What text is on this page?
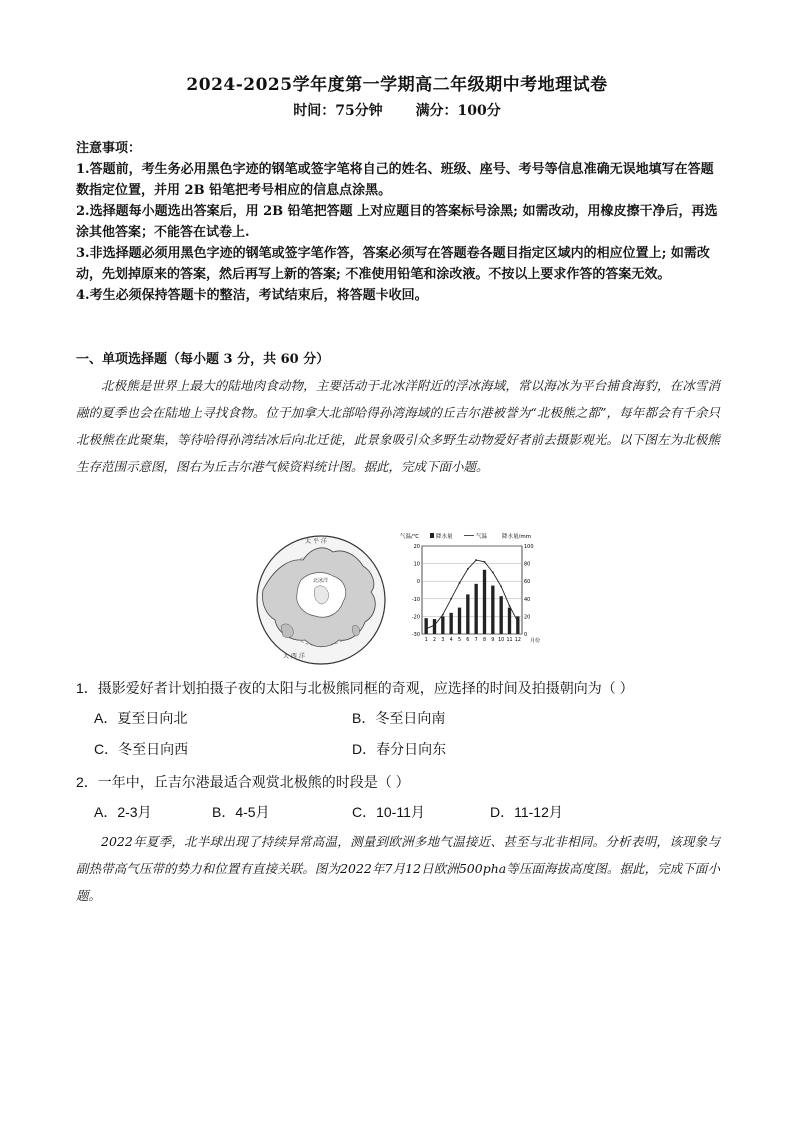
2024-2025学年度第一学期高二年级期中考地理试卷
时间：75分钟 满分：100分

注意事项：

1.答题前，考生务必用黑色字迹的钢笔或签字笔将自己的姓名、班级、座号、考号等信息准确无误地填写在答题数指定位置，并用 2B 铅笔把考号相应的信息点涂黑。

2.选择题每小题选出答案后，用 2B 铅笔把答题 上对应题目的答案标号涂黑; 如需改动，用橡皮擦干净后，再选涂其他答案；不能答在试卷上.

3.非选择题必须用黑色字迹的钢笔或签字笔作答，答案必须写在答题卷各题目指定区域内的相应位置上; 如需改动，先划掉原来的答案，然后再写上新的答案; 不准使用铅笔和涂改液。不按以上要求作答的答案无效。

4.考生必须保持答题卡的整洁，考试结束后，将答题卡收回。

一、单项选择题（每小题 3 分，共 60 分）

北极熊是世界上最大的陆地肉食动物，主要活动于北冰洋附近的浮冰海域，常以海冰为平台捕食海豹，在冰雪消融的夏季也会在陆地上寻找食物。位于加拿大北部哈得孙湾海域的丘吉尔港被誉为“北极熊之都”，每年都会有千余只北极熊在此聚集，等待哈得孙湾结冰后向北迁徙，此景象吸引众多野生动物爱好者前去摄影观光。以下图左为北极熊生存范围示意图，图右为丘吉尔港气候资料统计图。据此，完成下面小题。

太 平 洋
北冰洋
大 西 洋
气温/℃	降水量	气温	降水量/mm
20	100
10	80
0	60
-10	40
-20	20
-30	0
1 2 3 4 5 6 7 8 9 10 11 12 月份
1．摄影爱好者计划拍摄子夜的太阳与北极熊同框的奇观，应选择的时间及拍摄朝向为（ ）
A．夏至日向北	B．冬至日向南
C．冬至日向西	D．春分日向东
2．一年中，丘吉尔港最适合观赏北极熊的时段是（ ）
A．2-3月	B．4-5月	C．10-11月	D．11-12月

2022年夏季，北半球出现了持续异常高温，测量到欧洲多地气温接近、甚至与北非相同。分析表明，该现象与副热带高气压带的势力和位置有直接关联。图为2022年7月12日欧洲500pha等压面海拔高度图。据此，完成下面小题。
